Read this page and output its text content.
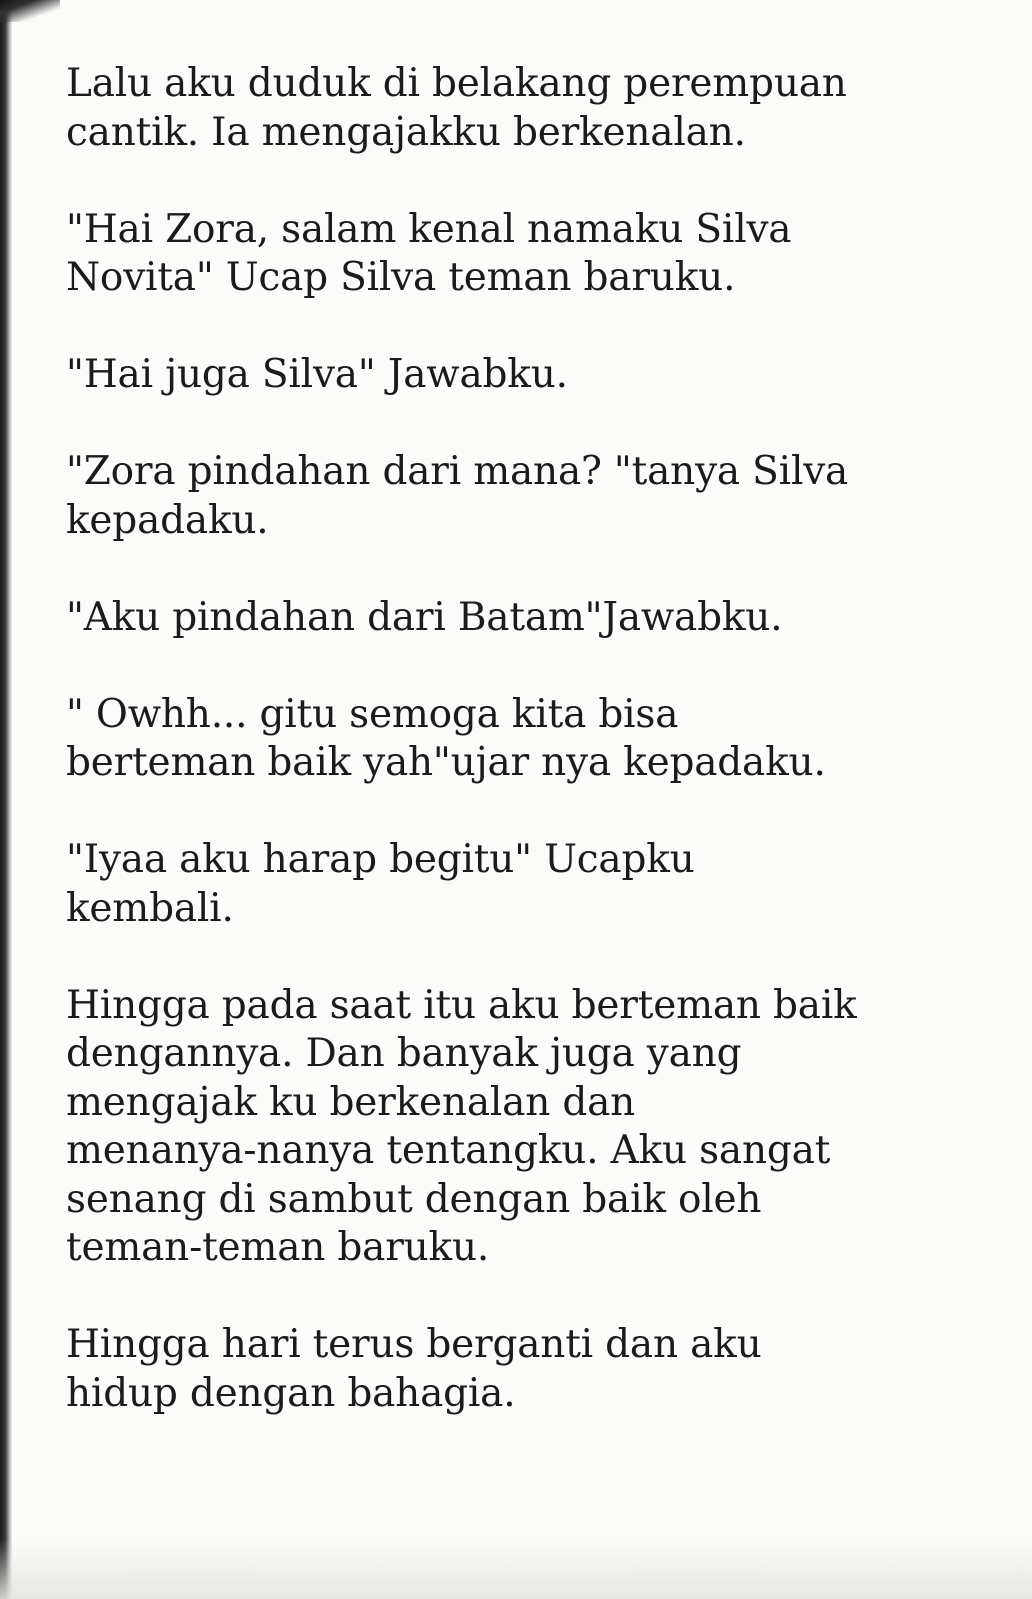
Lalu aku duduk di belakang perempuan
cantik. Ia mengajakku berkenalan.

"Hai Zora, salam kenal namaku Silva
Novita" Ucap Silva teman baruku.

"Hai juga Silva" Jawabku.

"Zora pindahan dari mana? "tanya Silva
kepadaku.

"Aku pindahan dari Batam"Jawabku.

" Owhh... gitu semoga kita bisa
berteman baik yah"ujar nya kepadaku.

"Iyaa aku harap begitu" Ucapku
kembali.

Hingga pada saat itu aku berteman baik
dengannya. Dan banyak juga yang
mengajak ku berkenalan dan
menanya-nanya tentangku. Aku sangat
senang di sambut dengan baik oleh
teman-teman baruku.

Hingga hari terus berganti dan aku
hidup dengan bahagia.
